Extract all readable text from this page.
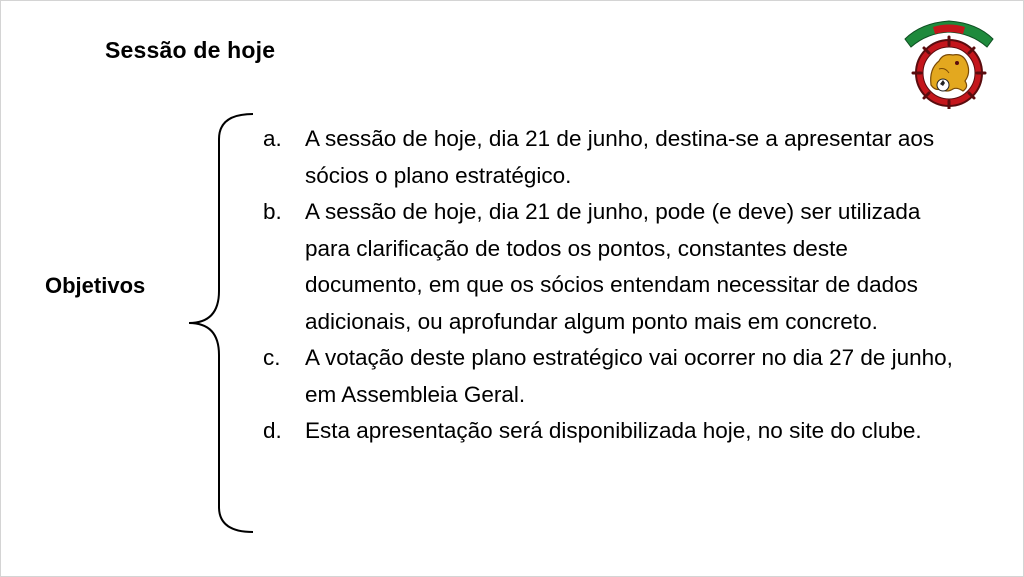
Sessão de hoje
Objetivos
a.	A sessão de hoje, dia 21 de junho, destina-se a apresentar aos sócios o plano estratégico.
b.	A sessão de hoje, dia 21 de junho, pode (e deve) ser utilizada para clarificação de todos os pontos, constantes deste documento, em que os sócios entendam necessitar de dados adicionais, ou aprofundar algum ponto mais em concreto.
c.	A votação deste plano estratégico vai ocorrer no dia 27 de junho, em Assembleia Geral.
d.	Esta apresentação será disponibilizada hoje, no site do clube.
